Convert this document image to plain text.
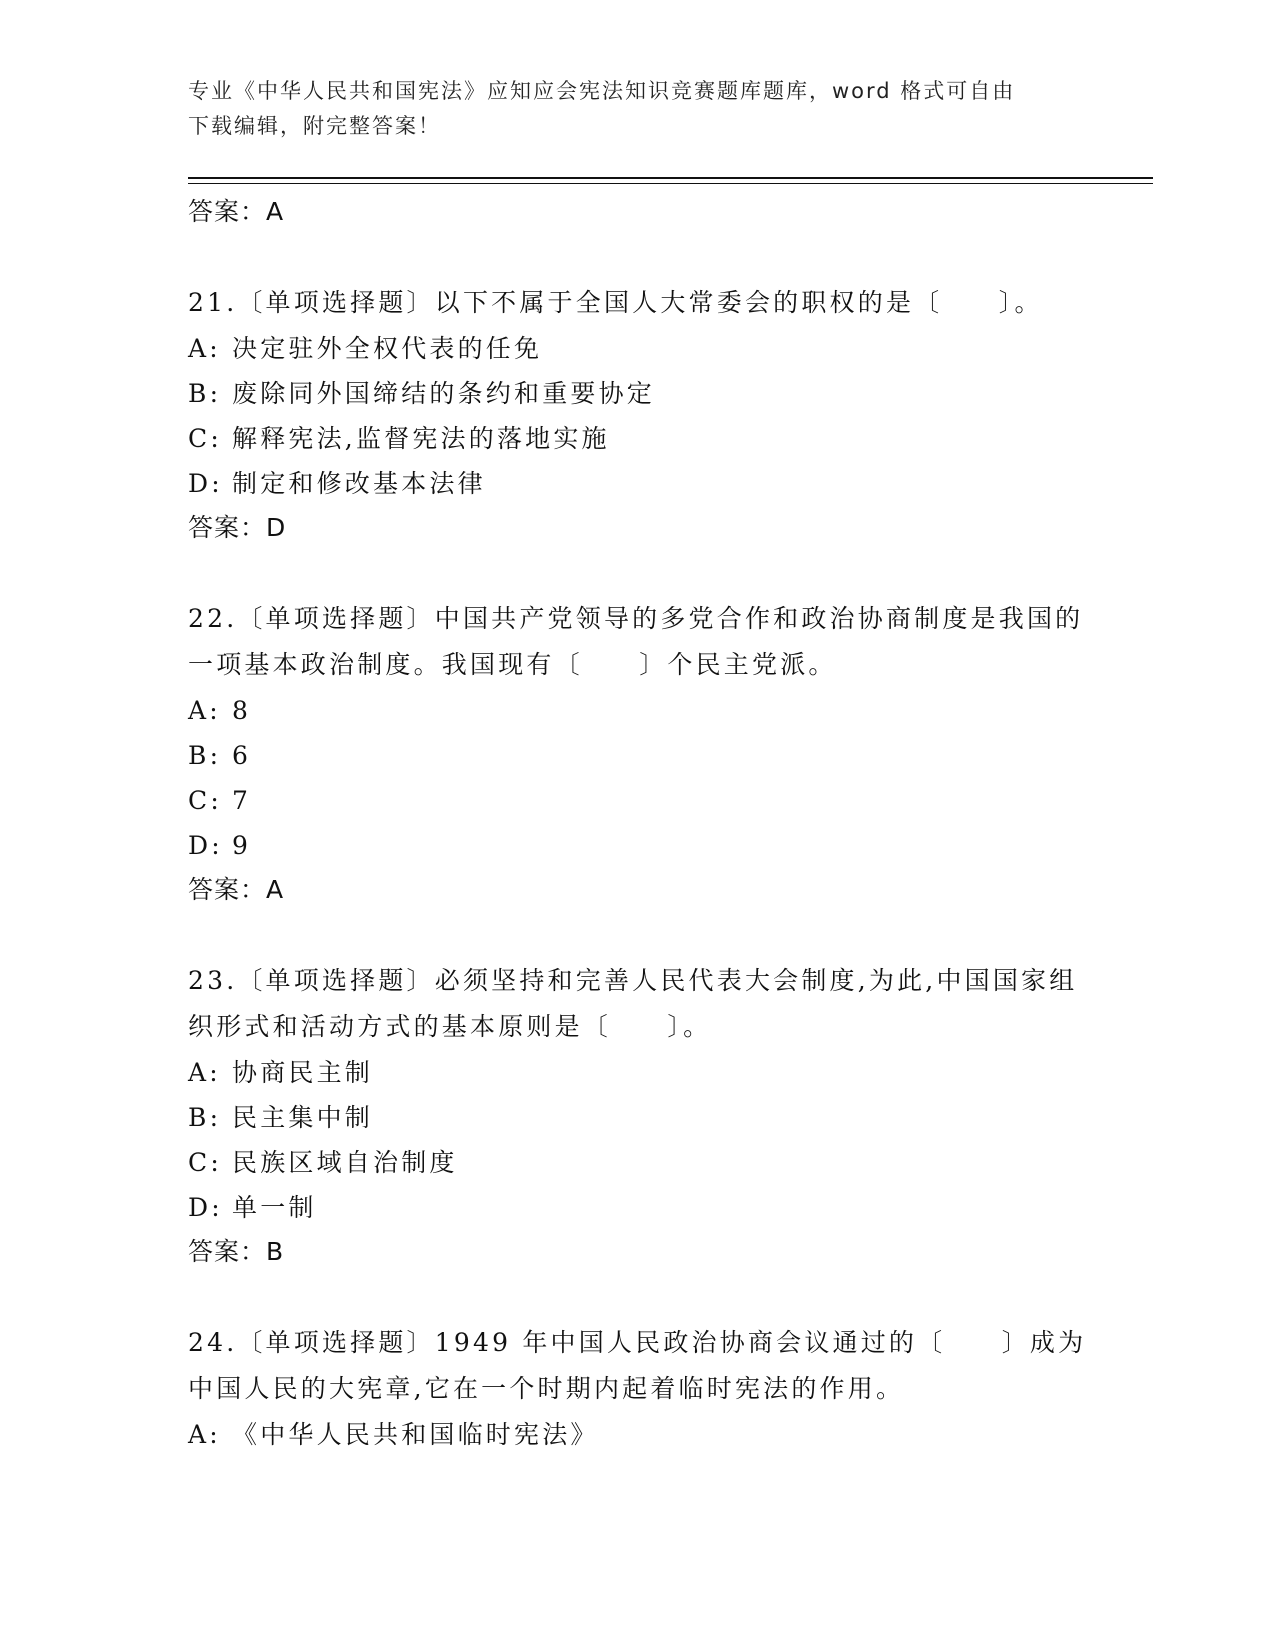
专业《中华人民共和国宪法》应知应会宪法知识竞赛题库题库，word 格式可自由
下载编辑，附完整答案！
答案：A
21.〔单项选择题〕以下不属于全国人大常委会的职权的是〔　　〕。
A: 决定驻外全权代表的任免
B: 废除同外国缔结的条约和重要协定
C: 解释宪法,监督宪法的落地实施
D: 制定和修改基本法律
答案：D
22.〔单项选择题〕中国共产党领导的多党合作和政治协商制度是我国的一项基本政治制度。我国现有〔　　〕个民主党派。
A: 8
B: 6
C: 7
D: 9
答案：A
23.〔单项选择题〕必须坚持和完善人民代表大会制度,为此,中国国家组织形式和活动方式的基本原则是〔　　〕。
A: 协商民主制
B: 民主集中制
C: 民族区域自治制度
D: 单一制
答案：B
24.〔单项选择题〕1949 年中国人民政治协商会议通过的〔　　〕成为中国人民的大宪章,它在一个时期内起着临时宪法的作用。
A: 《中华人民共和国临时宪法》
